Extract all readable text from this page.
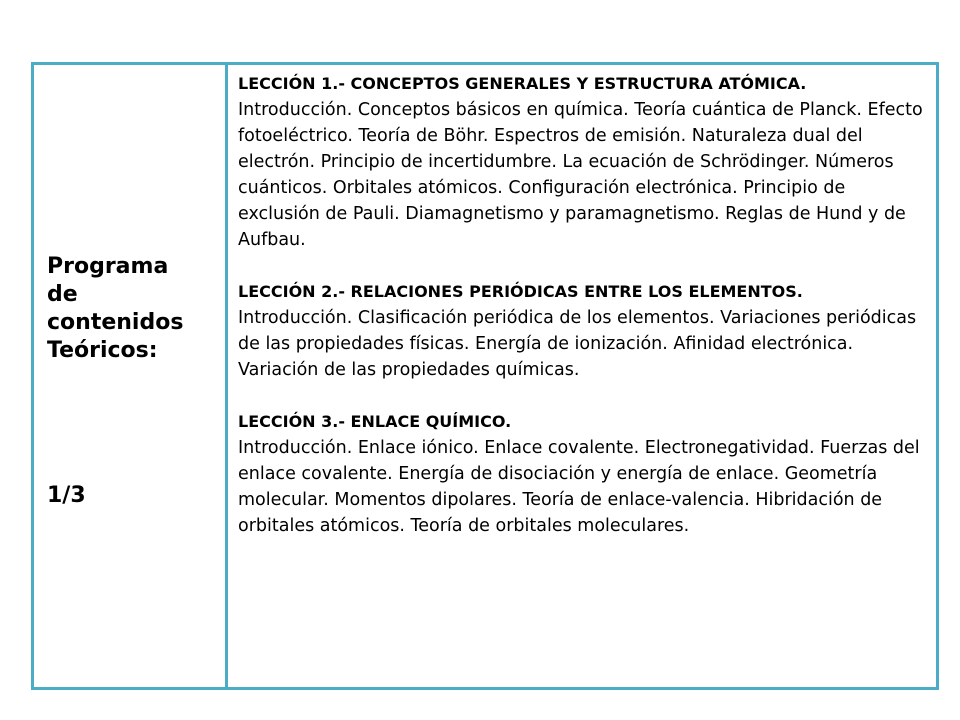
Programa
de
contenidos
Teóricos:

1/3

LECCIÓN 1.- CONCEPTOS GENERALES Y ESTRUCTURA ATÓMICA.

Introducción. Conceptos básicos en química. Teoría cuántica de Planck. Efecto fotoeléctrico. Teoría de Böhr. Espectros de emisión. Naturaleza dual del electrón. Principio de incertidumbre. La ecuación de Schrödinger. Números cuánticos. Orbitales atómicos. Configuración electrónica. Principio de exclusión de Pauli. Diamagnetismo y paramagnetismo. Reglas de Hund y de Aufbau.

LECCIÓN 2.- RELACIONES PERIÓDICAS ENTRE LOS ELEMENTOS.

Introducción. Clasificación periódica de los elementos. Variaciones periódicas de las propiedades físicas. Energía de ionización. Afinidad electrónica. Variación de las propiedades químicas.

LECCIÓN 3.- ENLACE QUÍMICO.

Introducción. Enlace iónico. Enlace covalente. Electronegatividad. Fuerzas del enlace covalente. Energía de disociación y energía de enlace. Geometría molecular. Momentos dipolares. Teoría de enlace-valencia. Hibridación de orbitales atómicos. Teoría de orbitales moleculares.
